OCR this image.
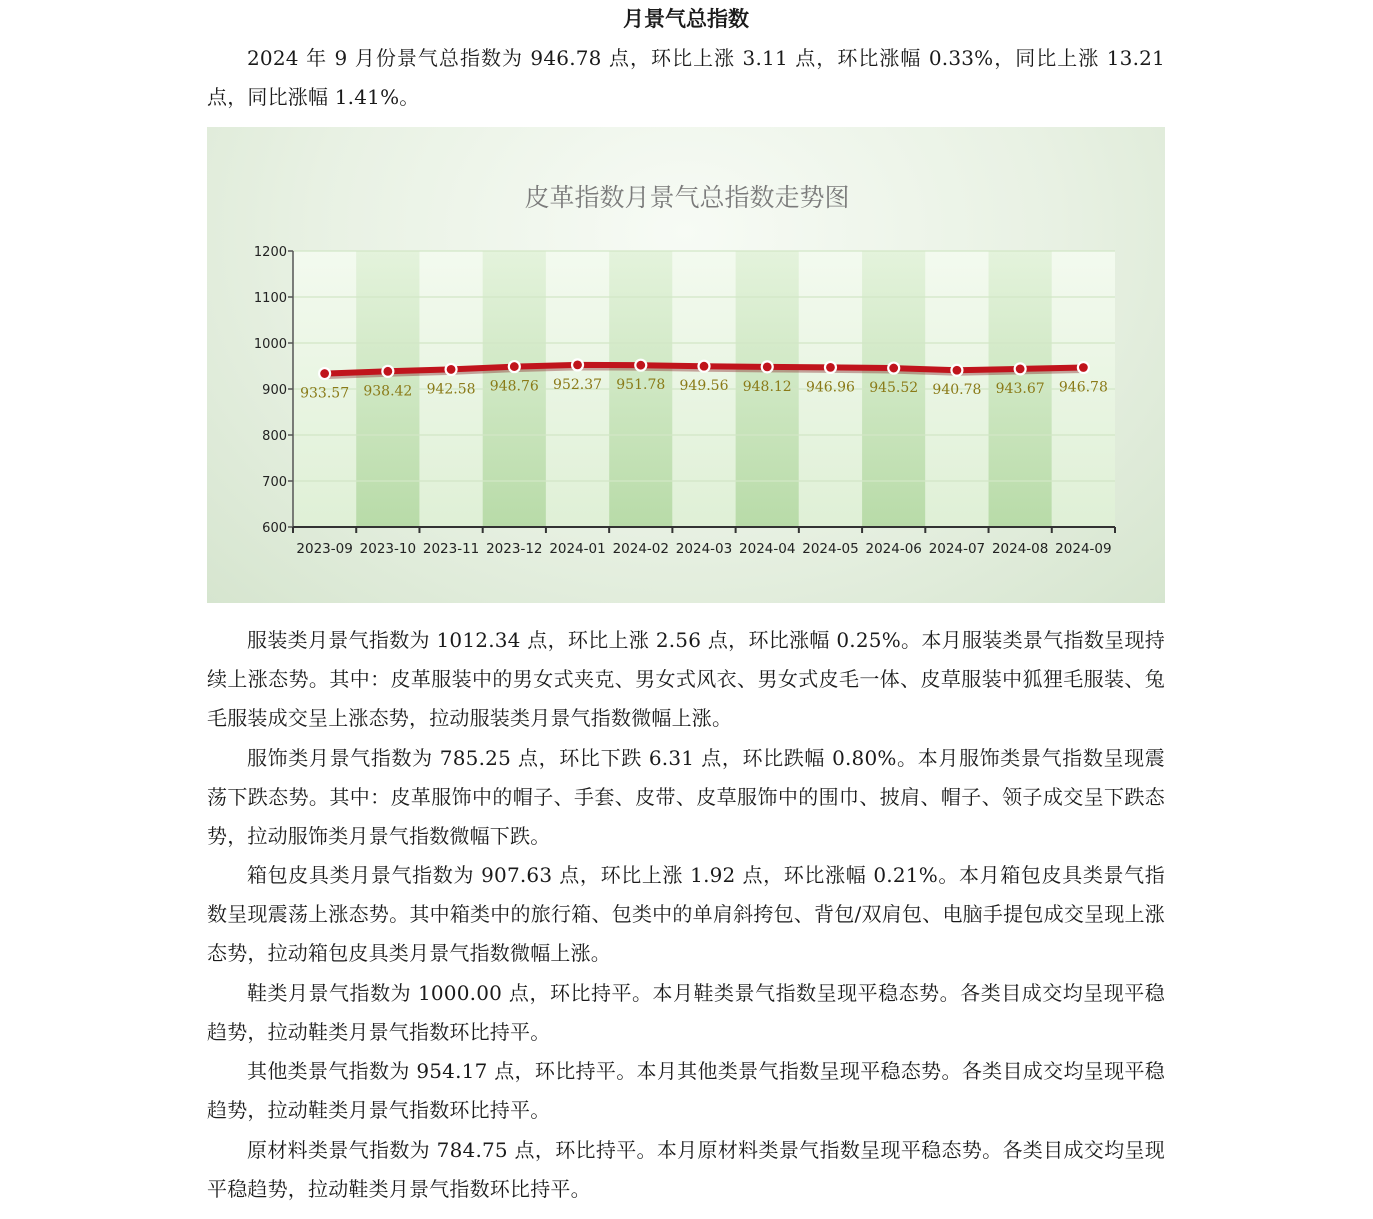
月景气总指数

2024 年 9 月份景气总指数为 946.78 点，环比上涨 3.11 点，环比涨幅 0.33%，同比上涨 13.21 点，同比涨幅 1.41%。

皮革指数月景气总指数走势图
600
700
800
900
1000
1100
1200
2023-09 2023-10 2023-11 2023-12 2024-01 2024-02 2024-03 2024-04 2024-05 2024-06 2024-07 2024-08 2024-09
933.57 938.42 942.58 948.76 952.37 951.78 949.56 948.12 946.96 945.52 940.78 943.67 946.78

服装类月景气指数为 1012.34 点，环比上涨 2.56 点，环比涨幅 0.25%。本月服装类景气指数呈现持续上涨态势。其中：皮革服装中的男女式夹克、男女式风衣、男女式皮毛一体、皮草服装中狐狸毛服装、兔毛服装成交呈上涨态势，拉动服装类月景气指数微幅上涨。

服饰类月景气指数为 785.25 点，环比下跌 6.31 点，环比跌幅 0.80%。本月服饰类景气指数呈现震荡下跌态势。其中：皮革服饰中的帽子、手套、皮带、皮草服饰中的围巾、披肩、帽子、领子成交呈下跌态势，拉动服饰类月景气指数微幅下跌。

箱包皮具类月景气指数为 907.63 点，环比上涨 1.92 点，环比涨幅 0.21%。本月箱包皮具类景气指数呈现震荡上涨态势。其中箱类中的旅行箱、包类中的单肩斜挎包、背包/双肩包、电脑手提包成交呈现上涨态势，拉动箱包皮具类月景气指数微幅上涨。

鞋类月景气指数为 1000.00 点，环比持平。本月鞋类景气指数呈现平稳态势。各类目成交均呈现平稳趋势，拉动鞋类月景气指数环比持平。

其他类景气指数为 954.17 点，环比持平。本月其他类景气指数呈现平稳态势。各类目成交均呈现平稳趋势，拉动鞋类月景气指数环比持平。

原材料类景气指数为 784.75 点，环比持平。本月原材料类景气指数呈现平稳态势。各类目成交均呈现平稳趋势，拉动鞋类月景气指数环比持平。
